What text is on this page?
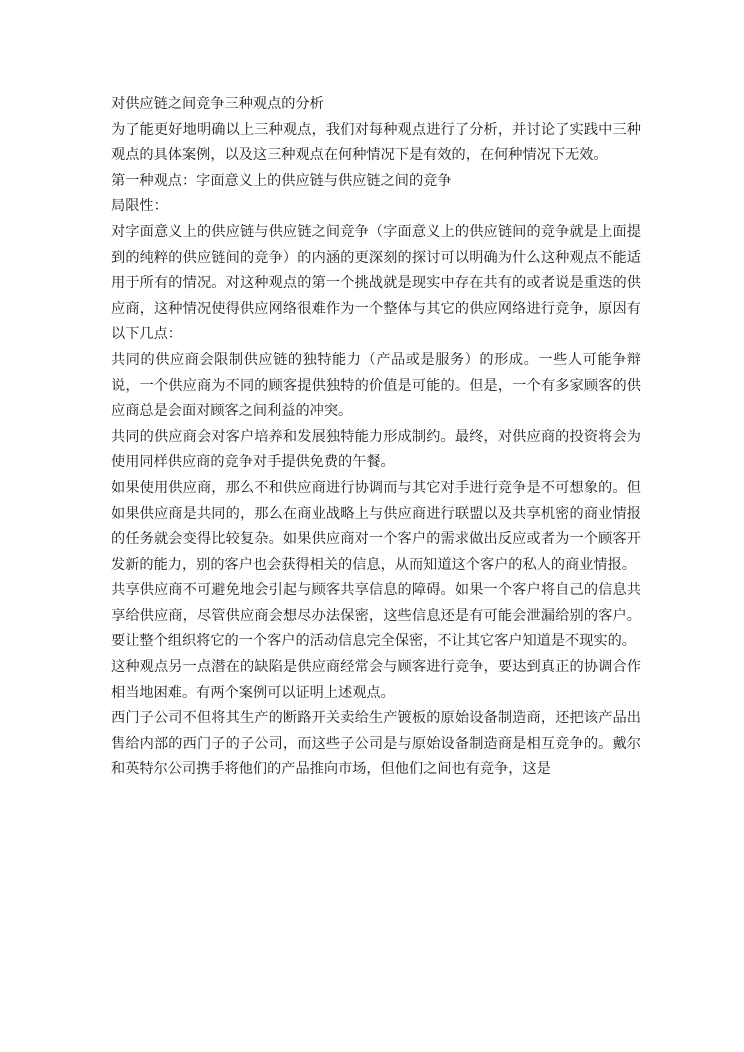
对供应链之间竞争三种观点的分析

为了能更好地明确以上三种观点，我们对每种观点进行了分析，并讨论了实践中三种观点的具体案例，以及这三种观点在何种情况下是有效的，在何种情况下无效。

第一种观点：字面意义上的供应链与供应链之间的竞争

局限性：

对字面意义上的供应链与供应链之间竞争（字面意义上的供应链间的竞争就是上面提到的纯粹的供应链间的竞争）的内涵的更深刻的探讨可以明确为什么这种观点不能适用于所有的情况。对这种观点的第一个挑战就是现实中存在共有的或者说是重迭的供应商，这种情况使得供应网络很难作为一个整体与其它的供应网络进行竞争，原因有以下几点：

共同的供应商会限制供应链的独特能力（产品或是服务）的形成。一些人可能争辩说，一个供应商为不同的顾客提供独特的价值是可能的。但是，一个有多家顾客的供应商总是会面对顾客之间利益的冲突。

共同的供应商会对客户培养和发展独特能力形成制约。最终，对供应商的投资将会为使用同样供应商的竞争对手提供免费的午餐。

如果使用供应商，那么不和供应商进行协调而与其它对手进行竞争是不可想象的。但如果供应商是共同的，那么在商业战略上与供应商进行联盟以及共享机密的商业情报的任务就会变得比较复杂。如果供应商对一个客户的需求做出反应或者为一个顾客开发新的能力，别的客户也会获得相关的信息，从而知道这个客户的私人的商业情报。

共享供应商不可避免地会引起与顾客共享信息的障碍。如果一个客户将自己的信息共享给供应商，尽管供应商会想尽办法保密，这些信息还是有可能会泄漏给别的客户。要让整个组织将它的一个客户的活动信息完全保密，不让其它客户知道是不现实的。

这种观点另一点潜在的缺陷是供应商经常会与顾客进行竞争，要达到真正的协调合作相当地困难。有两个案例可以证明上述观点。

西门子公司不但将其生产的断路开关卖给生产镀板的原始设备制造商，还把该产品出售给内部的西门子的子公司，而这些子公司是与原始设备制造商是相互竞争的。戴尔和英特尔公司携手将他们的产品推向市场，但他们之间也有竞争，这是
